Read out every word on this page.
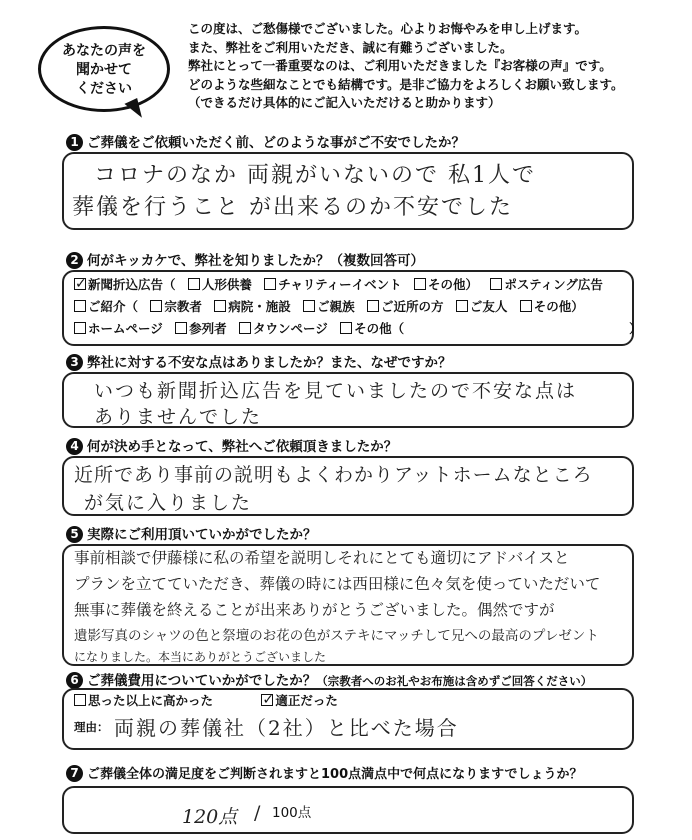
あなたの声を
聞かせて
ください
この度は、ご愁傷様でございました。心よりお悔やみを申し上げます。
また、弊社をご利用いただき、誠に有難うございました。
弊社にとって一番重要なのは、ご利用いただきました『お客様の声』です。
どのような些細なことでも結構です。是非ご協力をよろしくお願い致します。
（できるだけ具体的にご記入いただけると助かります）
1 ご葬儀をご依頼いただく前、どのような事がご不安でしたか？
コロナのなか 両親がいないので 私1人で
葬儀を行うこと が出来るのか不安でした
2 何がキッカケで、弊社を知りましたか？（複数回答可）
✓新聞折込広告（ 人形供養 チャリティーイベント その他） ポスティング広告
ご紹介（ 宗教者 病院・施設 ご親族 ご近所の方 ご友人 その他）
ホームページ 参列者 タウンページ その他（　　　　　　　　　　　　　　　　　　）
3 弊社に対する不安な点はありましたか？また、なぜですか？
いつも新聞折込広告を見ていましたので不安な点は
ありませんでした
4 何が決め手となって、弊社へご依頼頂きましたか？
近所であり事前の説明もよくわかりアットホームなところ
が気に入りました
5 実際にご利用頂いていかがでしたか？
事前相談で伊藤様に私の希望を説明しそれにとても適切にアドバイスと
プランを立てていただき、葬儀の時には西田様に色々気を使っていただいて
無事に葬儀を終えることが出来ありがとうございました。偶然ですが
遺影写真のシャツの色と祭壇のお花の色がステキにマッチして兄への最高のプレゼント
になりました。本当にありがとうございました
6 ご葬儀費用についていかがでしたか？（宗教者へのお礼やお布施は含めずご回答ください）
思った以上に高かった ✓	適正だった
理由： 両親の葬儀社（2社）と比べた場合
7 ご葬儀全体の満足度をご判断されますと100点満点中で何点になりますでしょうか？
120点 / 100点
